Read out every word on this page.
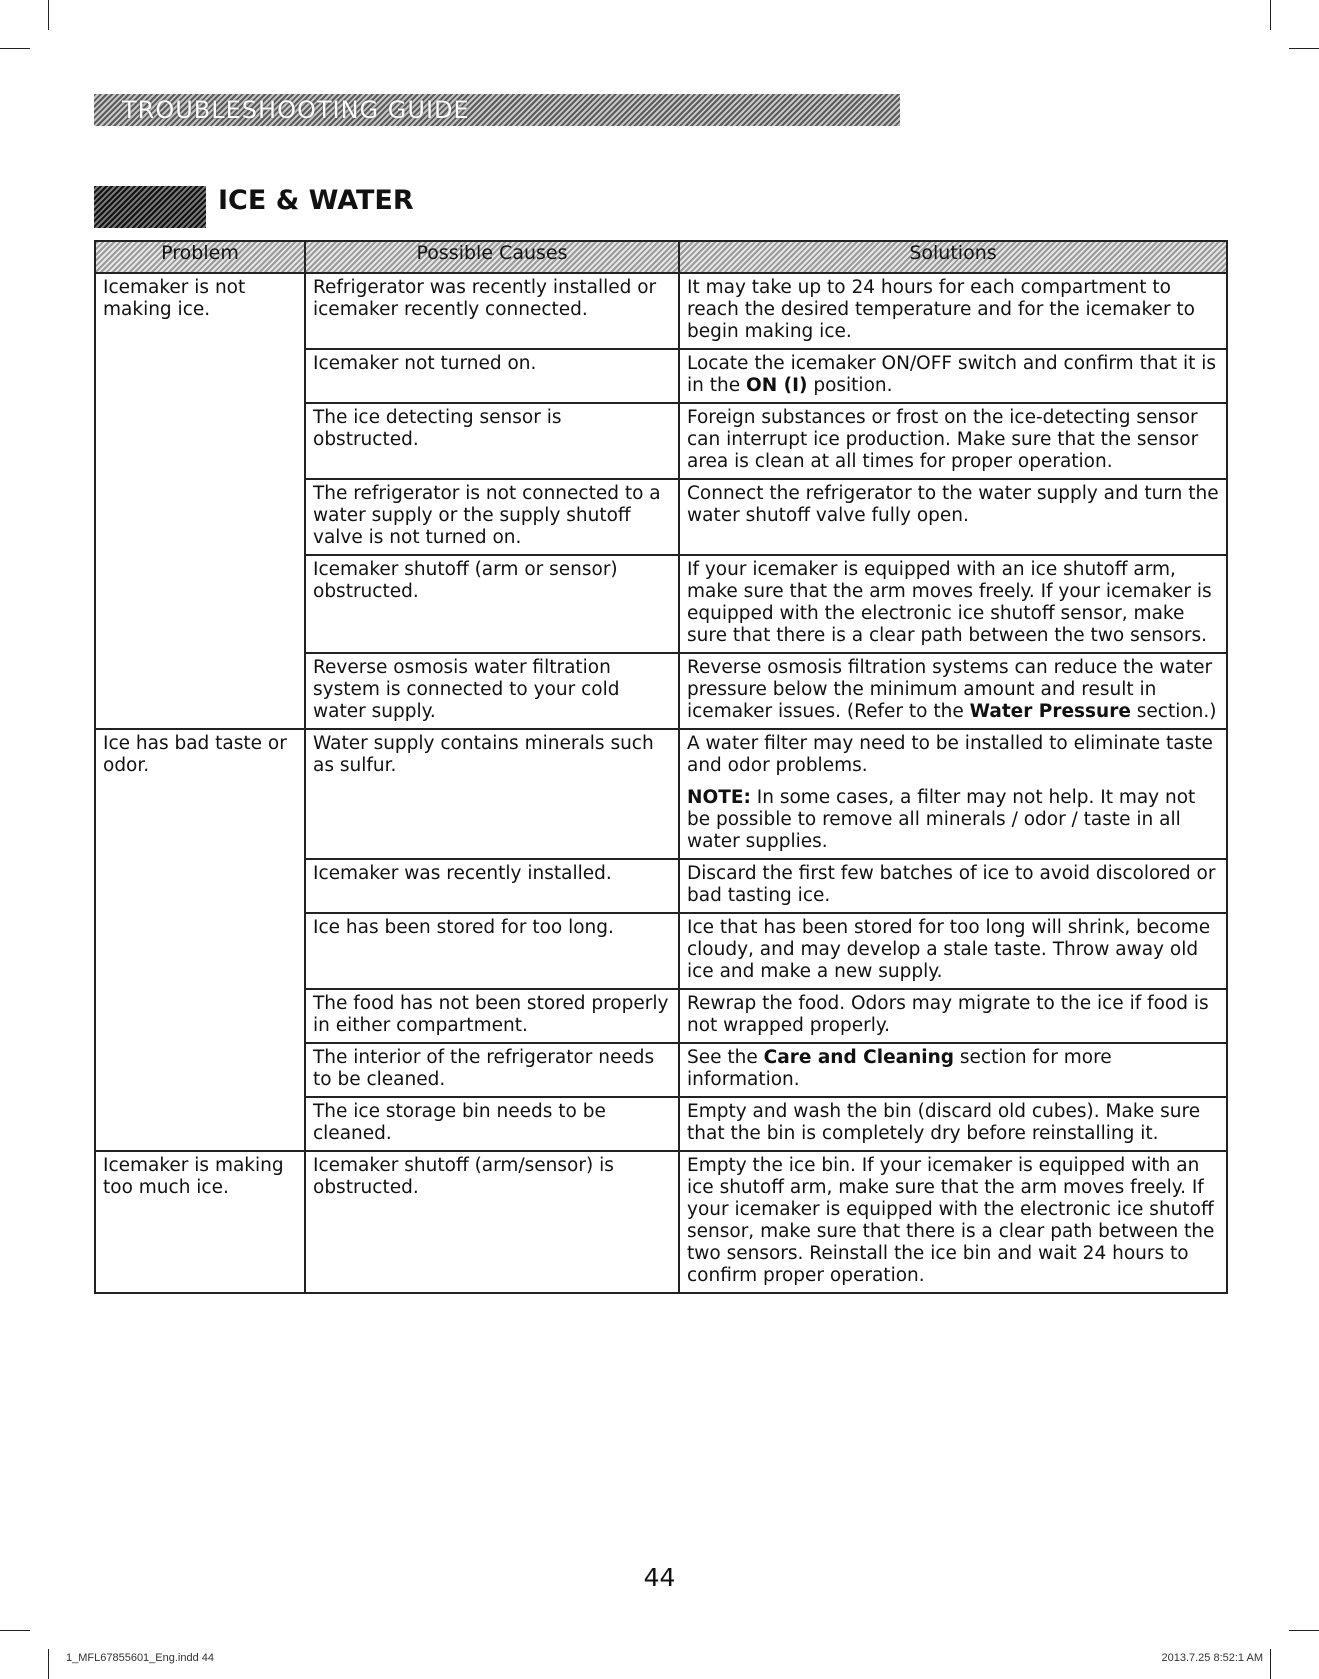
TROUBLESHOOTING GUIDE
ICE & WATER
Problem	Possible Causes	Solutions
Icemaker is not making ice.	Refrigerator was recently installed or icemaker recently connected.	It may take up to 24 hours for each compartment to reach the desired temperature and for the icemaker to begin making ice.
	Icemaker not turned on.	Locate the icemaker ON/OFF switch and confirm that it is in the ON (I) position.
	The ice detecting sensor is obstructed.	Foreign substances or frost on the ice-detecting sensor can interrupt ice production. Make sure that the sensor area is clean at all times for proper operation.
	The refrigerator is not connected to a water supply or the supply shutoff valve is not turned on.	Connect the refrigerator to the water supply and turn the water shutoff valve fully open.
	Icemaker shutoff (arm or sensor) obstructed.	If your icemaker is equipped with an ice shutoff arm, make sure that the arm moves freely. If your icemaker is equipped with the electronic ice shutoff sensor, make sure that there is a clear path between the two sensors.
	Reverse osmosis water filtration system is connected to your cold water supply.	Reverse osmosis filtration systems can reduce the water pressure below the minimum amount and result in icemaker issues. (Refer to the Water Pressure section.)
Ice has bad taste or odor.	Water supply contains minerals such as sulfur.	A water filter may need to be installed to eliminate taste and odor problems.
NOTE: In some cases, a filter may not help. It may not be possible to remove all minerals / odor / taste in all water supplies.

	Icemaker was recently installed.	Discard the first few batches of ice to avoid discolored or bad tasting ice.
	Ice has been stored for too long.	Ice that has been stored for too long will shrink, become cloudy, and may develop a stale taste. Throw away old ice and make a new supply.
	The food has not been stored properly in either compartment.	Rewrap the food. Odors may migrate to the ice if food is not wrapped properly.
	The interior of the refrigerator needs to be cleaned.	See the Care and Cleaning section for more information.
	The ice storage bin needs to be cleaned.	Empty and wash the bin (discard old cubes). Make sure that the bin is completely dry before reinstalling it.
Icemaker is making too much ice.	Icemaker shutoff (arm/sensor) is obstructed.	Empty the ice bin. If your icemaker is equipped with an ice shutoff arm, make sure that the arm moves freely. If your icemaker is equipped with the electronic ice shutoff sensor, make sure that there is a clear path between the two sensors. Reinstall the ice bin and wait 24 hours to confirm proper operation.
44
1_MFL67855601_Eng.indd 44	2013.7.25 8:52:1 AM
